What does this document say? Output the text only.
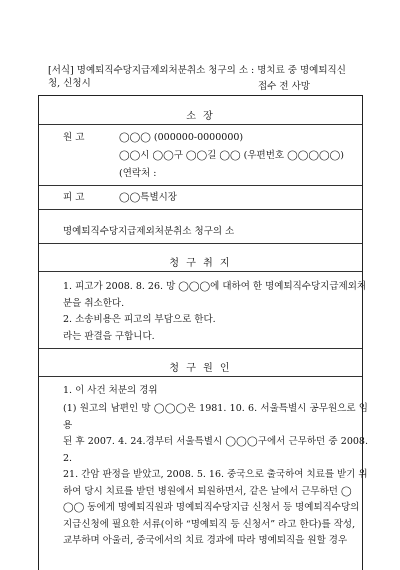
[서식] 명예퇴직수당지급제외처분취소 청구의 소 : 명치료 중 명예퇴직신청, 신청시	접수 전 사망
소 장
원 고	◯◯◯ (000000-0000000)
◯◯시 ◯◯구 ◯◯길 ◯◯ (우편번호 ◯◯◯◯◯)
(연락처 :
피 고	◯◯특별시장
명예퇴직수당지급제외처분취소 청구의 소
청 구 취 지
1. 피고가 2008. 8. 26. 망 ◯◯◯에 대하여 한 명예퇴직수당지급제외처
분을 취소한다.
2. 소송비용은 피고의 부담으로 한다.
라는 판결을 구합니다.
청 구 원 인
1. 이 사건 처분의 경위
(1) 원고의 남편인 망 ◯◯◯은 1981. 10. 6. 서울특별시 공무원으로 임용
된 후 2007. 4. 24.경부터 서울특별시 ◯◯◯구에서 근무하던 중 2008. 2.
21. 간암 판정을 받았고, 2008. 5. 16. 중국으로 출국하여 치료를 받기 위
하여 당시 치료를 받던 병원에서 퇴원하면서, 같은 날에서 근무하던 ◯
◯◯ 동에게 명예퇴직원과 명예퇴직수당지급 신청서 등 명예퇴직수당의
지급신청에 필요한 서류(이하 “명예퇴직 등 신청서” 라고 한다)를 작성,
교부하며 아울러, 중국에서의 치료 경과에 따라 명예퇴직을 원할 경우
